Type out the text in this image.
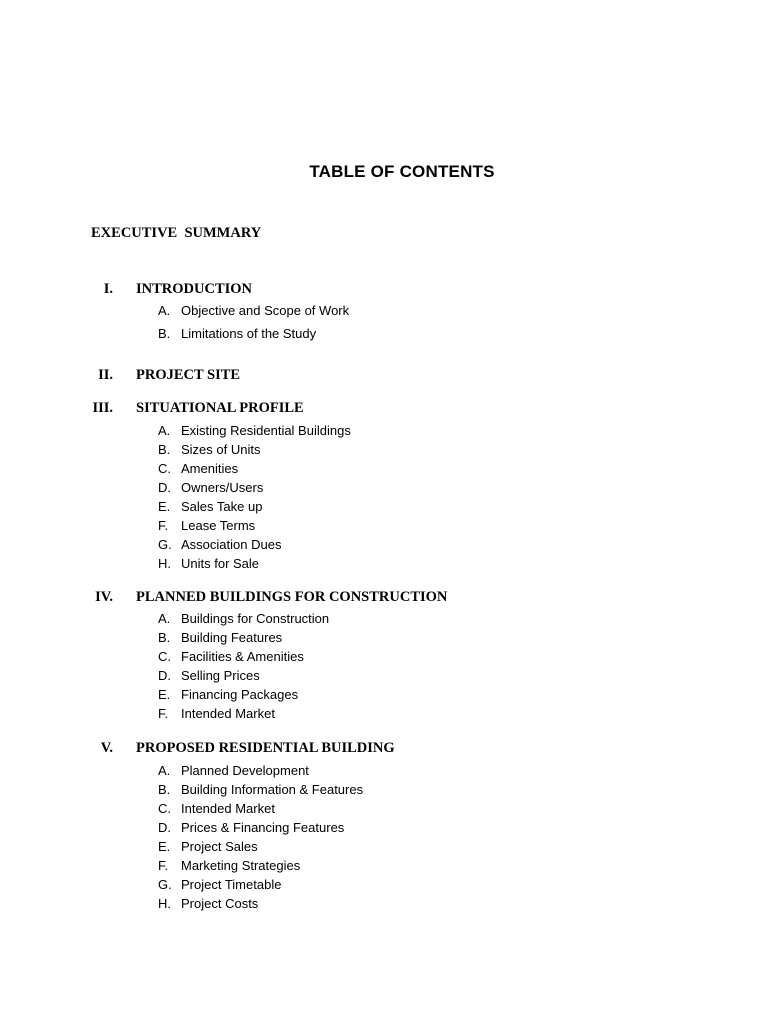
TABLE OF CONTENTS
EXECUTIVE  SUMMARY
I. INTRODUCTION
A. Objective and Scope of Work
B. Limitations of the Study
II. PROJECT SITE
III. SITUATIONAL PROFILE
A. Existing Residential Buildings
B. Sizes of Units
C. Amenities
D. Owners/Users
E. Sales Take up
F. Lease Terms
G. Association Dues
H. Units for Sale
IV. PLANNED BUILDINGS FOR CONSTRUCTION
A. Buildings for Construction
B. Building Features
C. Facilities & Amenities
D. Selling Prices
E. Financing Packages
F. Intended Market
V. PROPOSED RESIDENTIAL BUILDING
A. Planned Development
B. Building Information & Features
C. Intended Market
D. Prices & Financing Features
E. Project Sales
F. Marketing Strategies
G. Project Timetable
H. Project Costs
